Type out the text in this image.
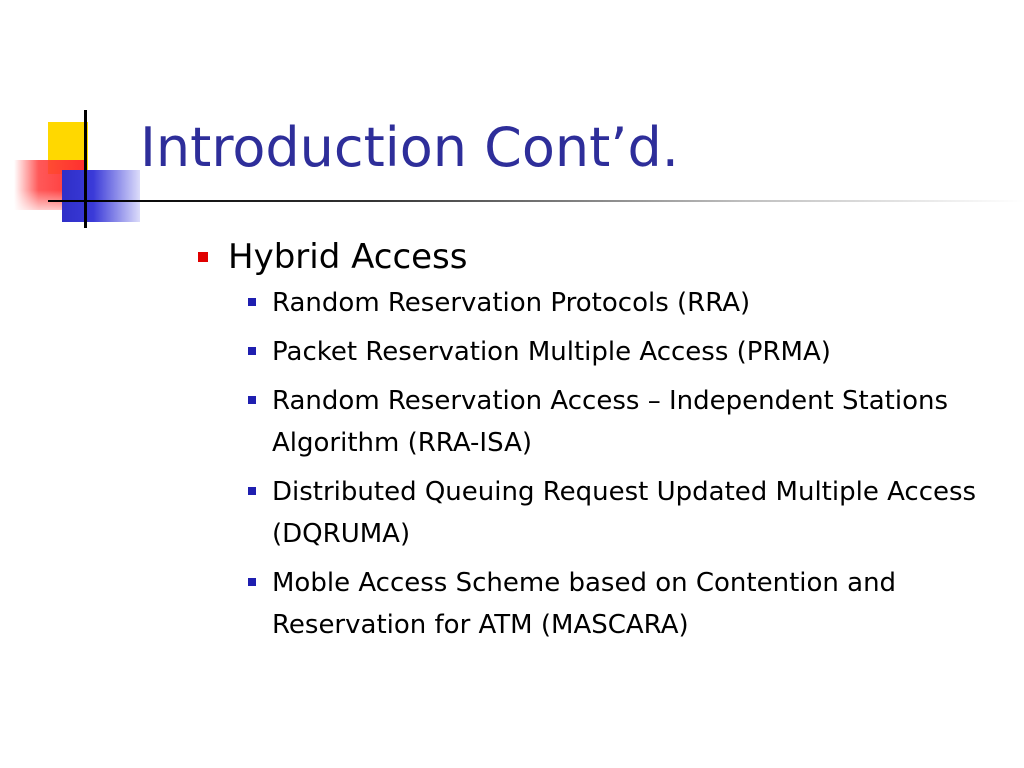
Introduction Cont’d.
Hybrid Access
Random Reservation Protocols (RRA)
Packet Reservation Multiple Access (PRMA)
Random Reservation Access – Independent Stations Algorithm (RRA-ISA)
Distributed Queuing Request Updated Multiple Access (DQRUMA)
Moble Access Scheme based on Contention and Reservation for ATM (MASCARA)
